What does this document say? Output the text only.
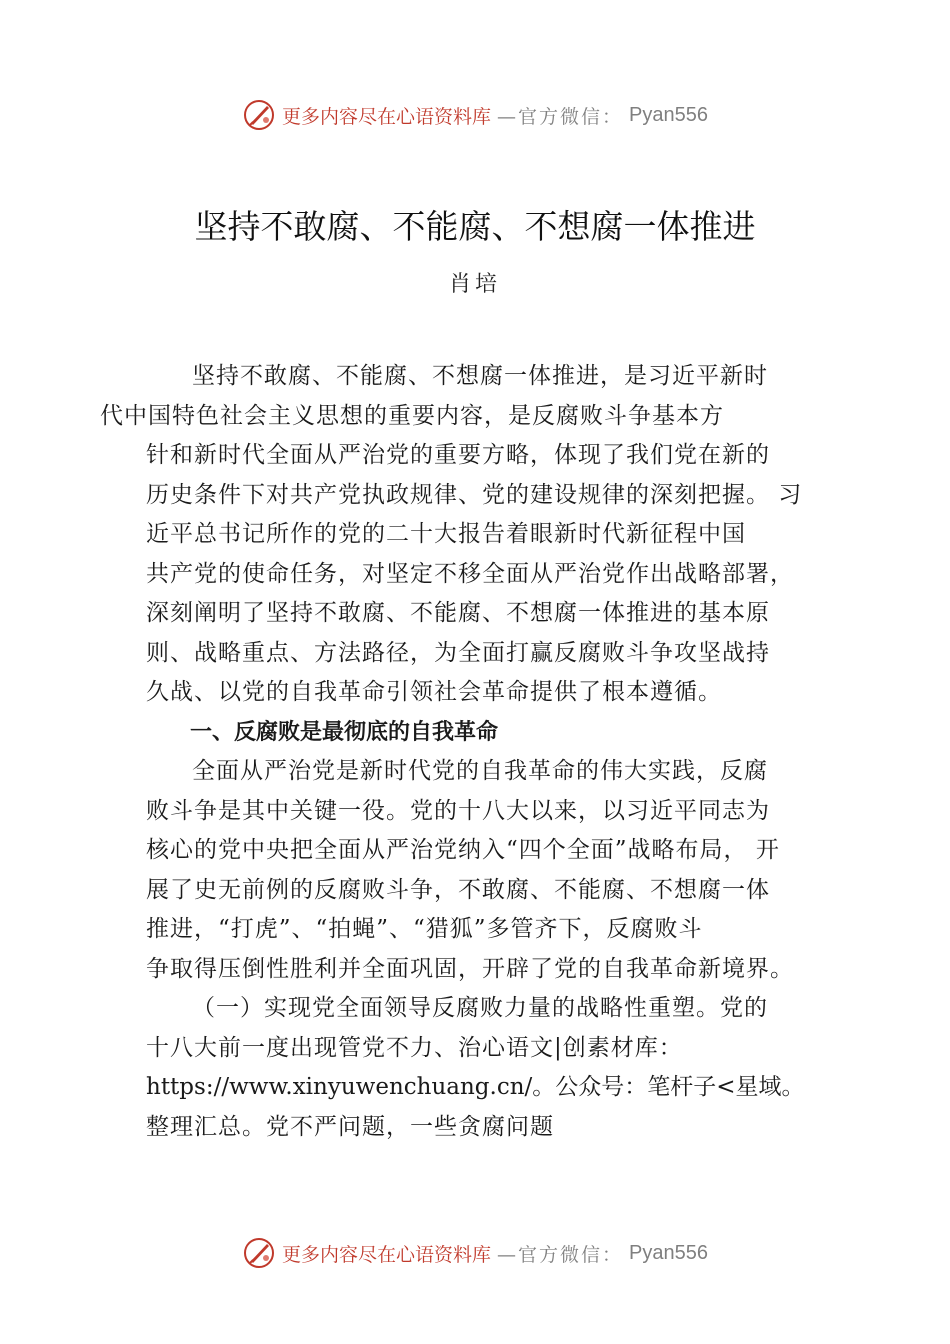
更多内容尽在心语资料库 —官方微信： Pyan556
坚持不敢腐、不能腐、不想腐一体推进
肖培

坚持不敢腐、不能腐、不想腐一体推进，是习近平新时
代中国特色社会主义思想的重要内容，是反腐败斗争基本方
针和新时代全面从严治党的重要方略，体现了我们党在新的
历史条件下对共产党执政规律、党的建设规律的深刻把握。 习
近平总书记所作的党的二十大报告着眼新时代新征程中国
共产党的使命任务，对坚定不移全面从严治党作出战略部署，
深刻阐明了坚持不敢腐、不能腐、不想腐一体推进的基本原
则、战略重点、方法路径，为全面打赢反腐败斗争攻坚战持
久战、以党的自我革命引领社会革命提供了根本遵循。

一、反腐败是最彻底的自我革命

全面从严治党是新时代党的自我革命的伟大实践，反腐
败斗争是其中关键一役。党的十八大以来，以习近平同志为
核心的党中央把全面从严治党纳入“四个全面”战略布局， 开
展了史无前例的反腐败斗争，不敢腐、不能腐、不想腐一体
推进，“打虎”、“拍蝇”、“猎狐”多管齐下，反腐败斗
争取得压倒性胜利并全面巩固，开辟了党的自我革命新境界。

（一）实现党全面领导反腐败力量的战略性重塑。党的
十八大前一度出现管党不力、治心语文|创素材库：
https://www.xinyuwenchuang.cn/。公众号：笔杆子<星域。
整理汇总。党不严问题，一些贪腐问题

更多内容尽在心语资料库 —官方微信： Pyan556
